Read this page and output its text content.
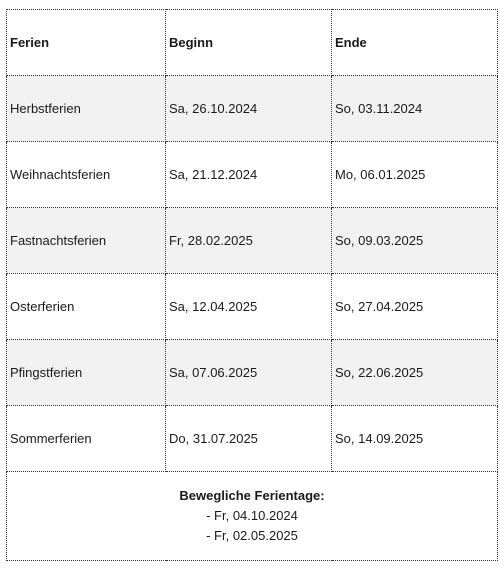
Ferien	Beginn	Ende
Herbstferien	Sa, 26.10.2024	So, 03.11.2024
Weihnachtsferien	Sa, 21.12.2024	Mo, 06.01.2025
Fastnachtsferien	Fr, 28.02.2025	So, 09.03.2025
Osterferien	Sa, 12.04.2025	So, 27.04.2025
Pfingstferien	Sa, 07.06.2025	So, 22.06.2025
Sommerferien	Do, 31.07.2025	So, 14.09.2025

Bewegliche Ferientage:
- Fr, 04.10.2024
- Fr, 02.05.2025		
